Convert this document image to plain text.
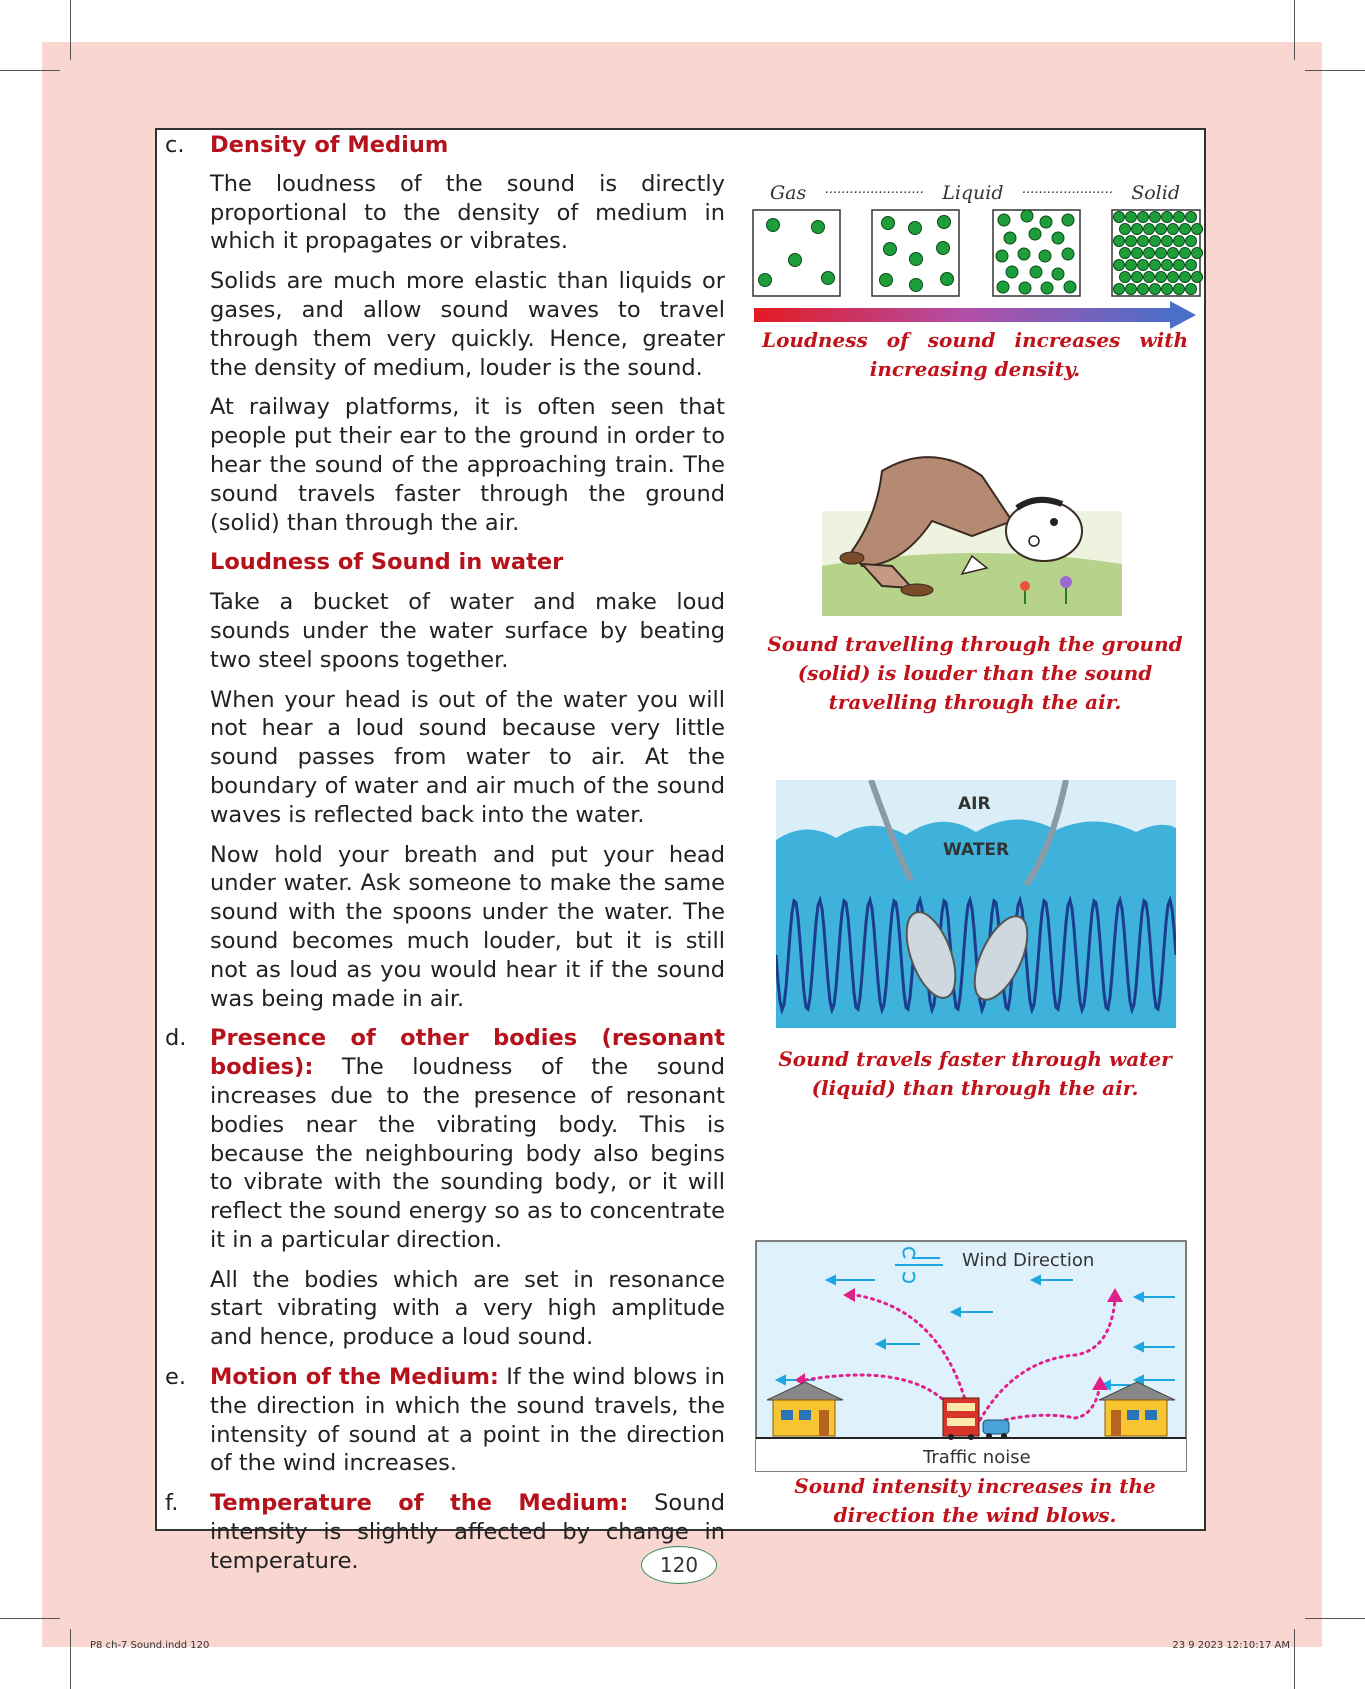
c. Density of Medium

The loudness of the sound is directly proportional to the density of medium in which it propagates or vibrates.

Solids are much more elastic than liquids or gases, and allow sound waves to travel through them very quickly. Hence, greater the density of medium, louder is the sound.

At railway platforms, it is often seen that people put their ear to the ground in order to hear the sound of the approaching train. The sound travels faster through the ground (solid) than through the air.

Loudness of Sound in water

Take a bucket of water and make loud sounds under the water surface by beating two steel spoons together.

When your head is out of the water you will not hear a loud sound because very little sound passes from water to air. At the boundary of water and air much of the sound waves is reflected back into the water.

Now hold your breath and put your head under water. Ask someone to make the same sound with the spoons under the water. The sound becomes much louder, but it is still not as loud as you would hear it if the sound was being made in air.

d. Presence of other bodies (resonant bodies): The loudness of the sound increases due to the presence of resonant bodies near the vibrating body. This is because the neighbouring body also begins to vibrate with the sounding body, or it will reflect the sound energy so as to concentrate it in a particular direction.

All the bodies which are set in resonance start vibrating with a very high amplitude and hence, produce a loud sound.

e. Motion of the Medium: If the wind blows in the direction in which the sound travels, the intensity of sound at a point in the direction of the wind increases.

f. Temperature of the Medium: Sound intensity is slightly affected by change in temperature.

Gas ........................ Liquid ...................... Solid
Loudness of sound increases with increasing density.
Sound travelling through the ground (solid) is louder than the sound travelling through the air.
AIR
WATER
Sound travels faster through water (liquid) than through the air.
Wind Direction
Traffic noise
Sound intensity increases in the direction the wind blows.
120
P8 ch-7 Sound.indd 120	23 9 2023 12:10:17 AM
